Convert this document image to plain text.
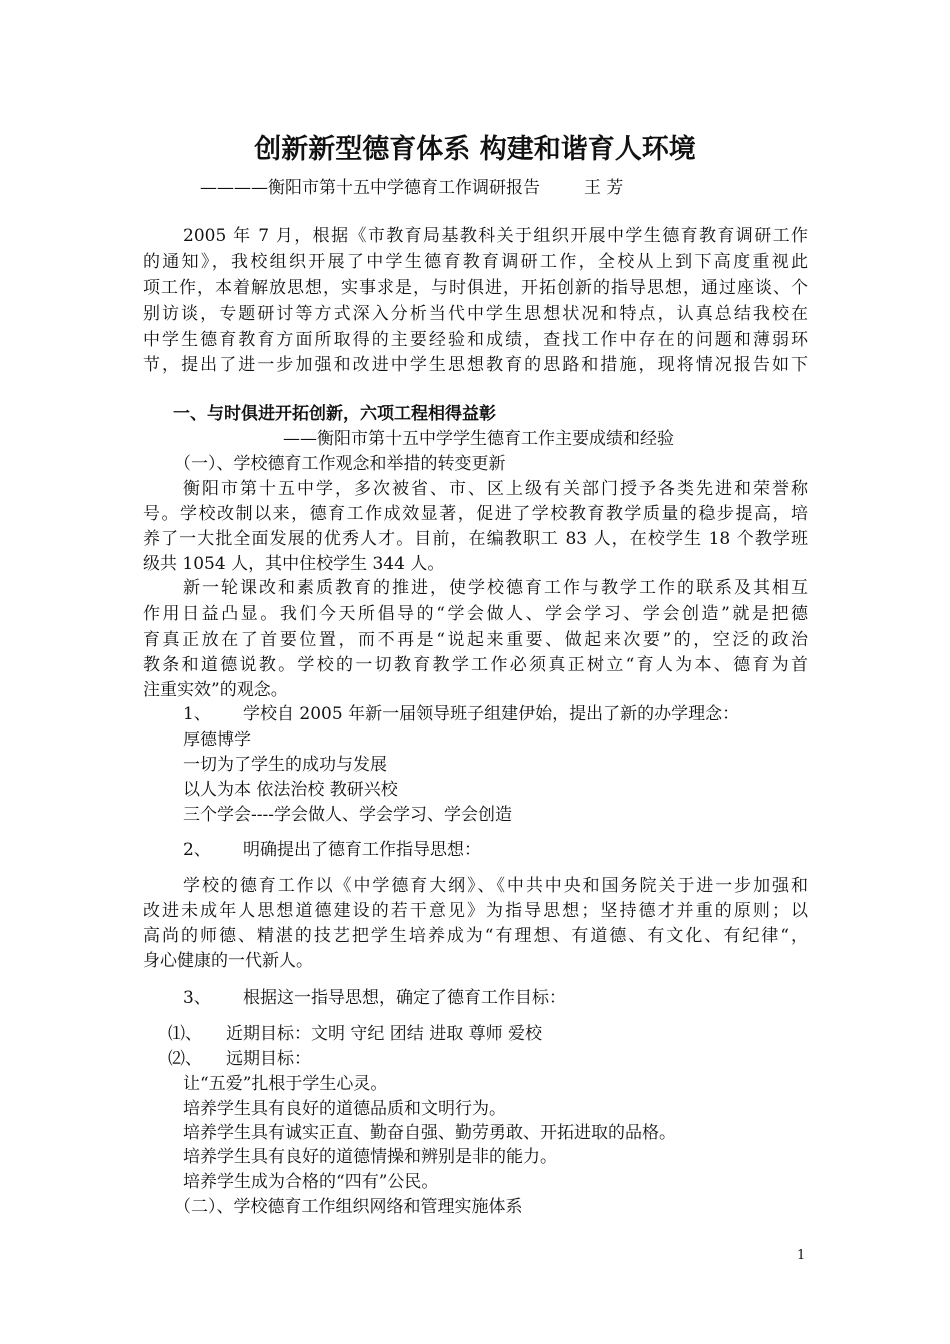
创新新型德育体系 构建和谐育人环境
————衡阳市第十五中学德育工作调研报告	王 芳
2005 年 7 月，根据《市教育局基教科关于组织开展中学生德育教育调研工作
的通知》，我校组织开展了中学生德育教育调研工作，全校从上到下高度重视此
项工作，本着解放思想，实事求是，与时俱进，开拓创新的指导思想，通过座谈、个
别访谈，专题研讨等方式深入分析当代中学生思想状况和特点，认真总结我校在
中学生德育教育方面所取得的主要经验和成绩，查找工作中存在的问题和薄弱环
节，提出了进一步加强和改进中学生思想教育的思路和措施，现将情况报告如下
一、与时俱进开拓创新，六项工程相得益彰
——衡阳市第十五中学学生德育工作主要成绩和经验
（一）、学校德育工作观念和举措的转变更新
衡阳市第十五中学，多次被省、市、区上级有关部门授予各类先进和荣誉称
号。学校改制以来，德育工作成效显著，促进了学校教育教学质量的稳步提高，培
养了一大批全面发展的优秀人才。目前，在编教职工 83 人，在校学生 18 个教学班
级共 1054 人，其中住校学生 344 人。
新一轮课改和素质教育的推进，使学校德育工作与教学工作的联系及其相互
作用日益凸显。我们今天所倡导的“学会做人、学会学习、学会创造”就是把德
育真正放在了首要位置，而不再是“说起来重要、做起来次要”的，空泛的政治
教条和道德说教。学校的一切教育教学工作必须真正树立“育人为本、德育为首
注重实效”的观念。
1、 学校自 2005 年新一届领导班子组建伊始，提出了新的办学理念：
厚德博学
一切为了学生的成功与发展
以人为本 依法治校 教研兴校
三个学会----学会做人、学会学习、学会创造
2、 明确提出了德育工作指导思想：
学校的德育工作以《中学德育大纲》、《中共中央和国务院关于进一步加强和
改进未成年人思想道德建设的若干意见》为指导思想；坚持德才并重的原则；以
高尚的师德、精湛的技艺把学生培养成为“有理想、有道德、有文化、有纪律“，
身心健康的一代新人。
3、 根据这一指导思想，确定了德育工作目标：
⑴、 近期目标：文明 守纪 团结 进取 尊师 爱校
⑵、 远期目标：
让“五爱”扎根于学生心灵。
培养学生具有良好的道德品质和文明行为。
培养学生具有诚实正直、勤奋自强、勤劳勇敢、开拓进取的品格。
培养学生具有良好的道德情操和辨别是非的能力。
培养学生成为合格的“四有”公民。
（二）、学校德育工作组织网络和管理实施体系
1
